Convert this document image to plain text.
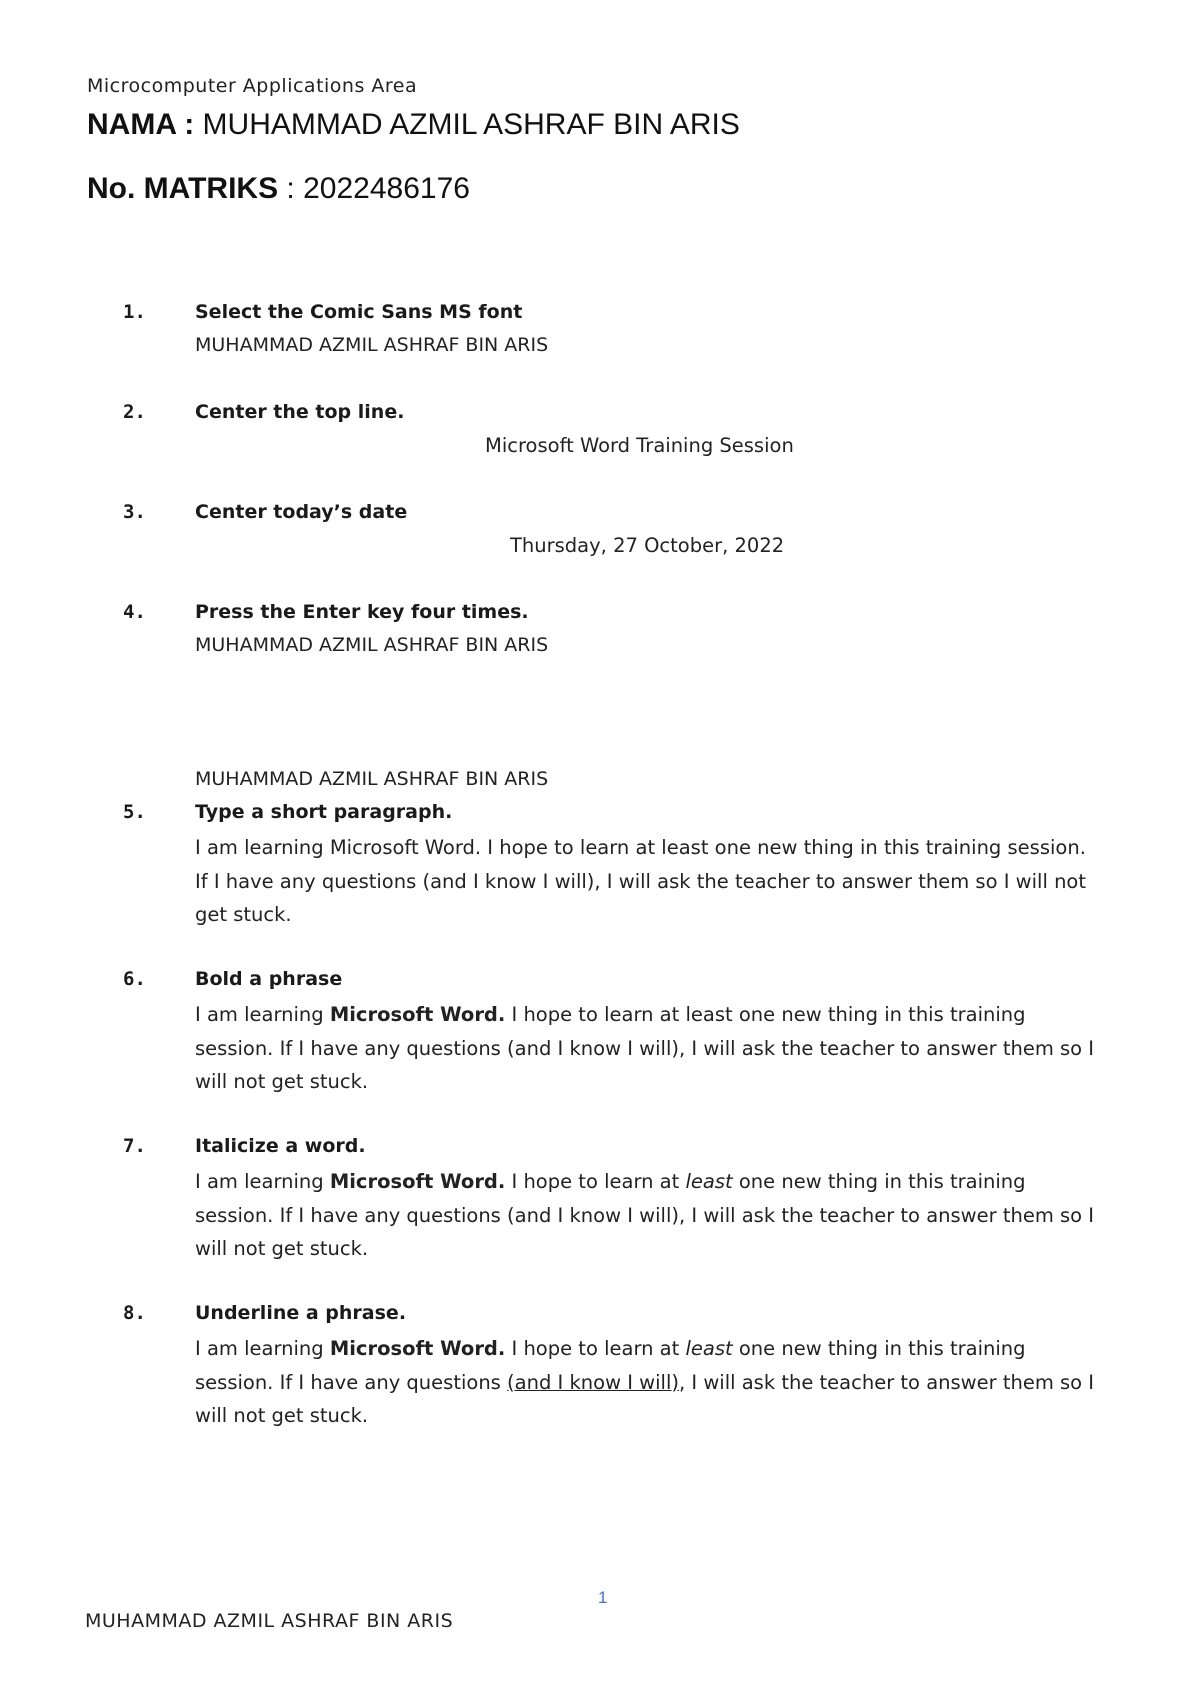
Microcomputer Applications Area
NAMA : MUHAMMAD AZMIL ASHRAF BIN ARIS
No. MATRIKS : 2022486176
1.	Select the Comic Sans MS font
MUHAMMAD AZMIL ASHRAF BIN ARIS
2.	Center the top line.
Microsoft Word Training Session
3.	Center today’s date
Thursday, 27 October, 2022
4.	Press the Enter key four times.
MUHAMMAD AZMIL ASHRAF BIN ARIS
MUHAMMAD AZMIL ASHRAF BIN ARIS
5.	Type a short paragraph.
I am learning Microsoft Word. I hope to learn at least one new thing in this training session. If I have any questions (and I know I will), I will ask the teacher to answer them so I will not get stuck.
6.	Bold a phrase
I am learning Microsoft Word. I hope to learn at least one new thing in this training session. If I have any questions (and I know I will), I will ask the teacher to answer them so I will not get stuck.
7.	Italicize a word.
I am learning Microsoft Word. I hope to learn at least one new thing in this training session. If I have any questions (and I know I will), I will ask the teacher to answer them so I will not get stuck.
8.	Underline a phrase.
I am learning Microsoft Word. I hope to learn at least one new thing in this training session. If I have any questions (and I know I will), I will ask the teacher to answer them so I will not get stuck.
1
MUHAMMAD AZMIL ASHRAF BIN ARIS
